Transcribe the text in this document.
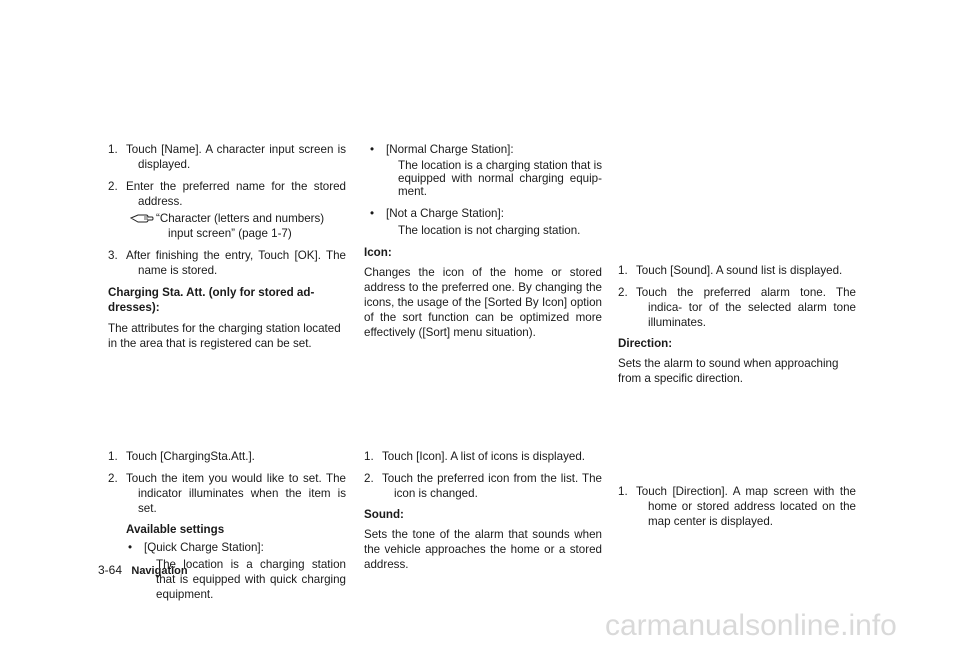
1. Touch [Name]. A character input screen is displayed.
2. Enter the preferred name for the stored address.
“Character (letters and numbers) input screen” (page 1-7)
3. After finishing the entry, Touch [OK]. The name is stored.

Charging Sta. Att. (only for stored ad- dresses):

The attributes for the charging station located in the area that is registered can be set.

1. Touch [ChargingSta.Att.].
2. Touch the item you would like to set. The indicator illuminates when the item is set.

Available settings

• [Quick Charge Station]:

The location is a charging station that is equipped with quick charging equipment.

• [Normal Charge Station]:

The location is a charging station that is equipped with normal charging equip- ment.

• [Not a Charge Station]:

The location is not charging station.

Icon:

Changes the icon of the home or stored address to the preferred one. By changing the icons, the usage of the [Sorted By Icon] option of the sort function can be optimized more effectively ([Sort] menu situation).

1. Touch [Icon]. A list of icons is displayed.
2. Touch the preferred icon from the list. The icon is changed.

Sound:

Sets the tone of the alarm that sounds when the vehicle approaches the home or a stored address.

1. Touch [Sound]. A sound list is displayed.
2. Touch the preferred alarm tone. The indica- tor of the selected alarm tone illuminates.

Direction:

Sets the alarm to sound when approaching from a specific direction.

1. Touch [Direction]. A map screen with the home or stored address located on the map center is displayed.
3-64 Navigation
carmanualsonline.info
